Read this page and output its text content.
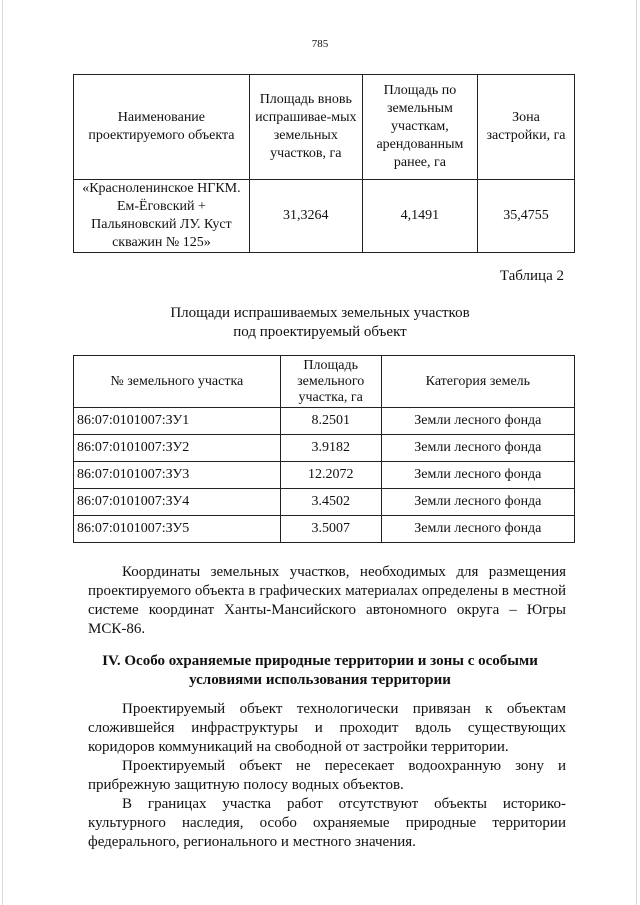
785
Наименование проектируемого объекта	Площадь вновь испрашивае-мых земельных участков, га	Площадь по земельным участкам, арендованным ранее, га	Зона застройки, га
«Красноленинское НГКМ. Ем-Ёговский + Пальяновский ЛУ. Куст скважин № 125»	31,3264	4,1491	35,4755
Таблица 2
Площади испрашиваемых земельных участков
под проектируемый объект
№ земельного участка	Площадь земельного участка, га	Категория земель
86:07:0101007:ЗУ1	8.2501	Земли лесного фонда
86:07:0101007:ЗУ2	3.9182	Земли лесного фонда
86:07:0101007:ЗУ3	12.2072	Земли лесного фонда
86:07:0101007:ЗУ4	3.4502	Земли лесного фонда
86:07:0101007:ЗУ5	3.5007	Земли лесного фонда
Координаты земельных участков, необходимых для размещения проектируемого объекта в графических материалах определены в местной системе координат Ханты-Мансийского автономного округа – Югры МСК-86.
IV. Особо охраняемые природные территории и зоны с особыми
условиями использования территории
Проектируемый объект технологически привязан к объектам сложившейся инфраструктуры и проходит вдоль существующих коридоров коммуникаций на свободной от застройки территории.
Проектируемый объект не пересекает водоохранную зону и прибрежную защитную полосу водных объектов.
В границах участка работ отсутствуют объекты историко-культурного наследия, особо охраняемые природные территории федерального, регионального и местного значения.
